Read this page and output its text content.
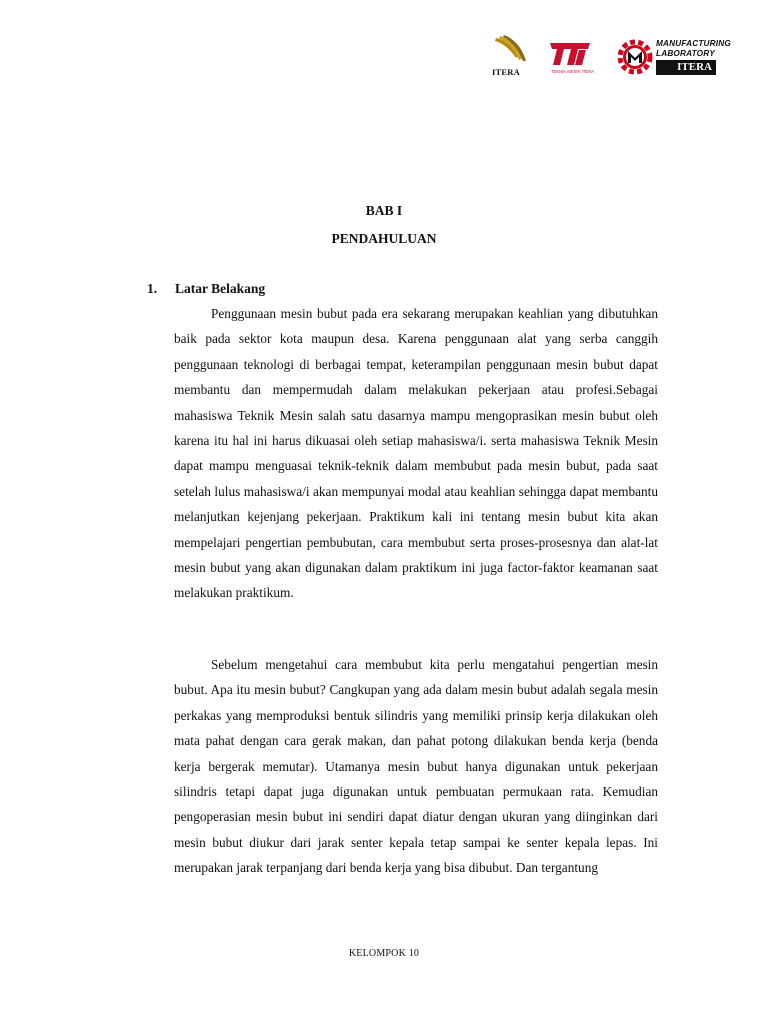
ITERA	TEKNIK MESIN ITERA
MANUFACTURING
LABORATORY
ITERA
BAB I
PENDAHULUAN
1. Latar Belakang

Penggunaan mesin bubut pada era sekarang merupakan keahlian yang dibutuhkan baik pada sektor kota maupun desa. Karena penggunaan alat yang serba canggih penggunaan teknologi di berbagai tempat, keterampilan penggunaan mesin bubut dapat membantu dan mempermudah dalam melakukan pekerjaan atau profesi.Sebagai mahasiswa Teknik Mesin salah satu dasarnya mampu mengoprasikan mesin bubut oleh karena itu hal ini harus dikuasai oleh setiap mahasiswa/i. serta mahasiswa Teknik Mesin dapat mampu menguasai teknik-teknik dalam membubut pada mesin bubut, pada saat setelah lulus mahasiswa/i akan mempunyai modal atau keahlian sehingga dapat membantu melanjutkan kejenjang pekerjaan. Praktikum kali ini tentang mesin bubut kita akan mempelajari pengertian pembubutan, cara membubut serta proses-prosesnya dan alat-lat mesin bubut yang akan digunakan dalam praktikum ini juga factor-faktor keamanan saat melakukan praktikum.

Sebelum mengetahui cara membubut kita perlu mengatahui pengertian mesin bubut. Apa itu mesin bubut? Cangkupan yang ada dalam mesin bubut adalah segala mesin perkakas yang memproduksi bentuk silindris yang memiliki prinsip kerja dilakukan oleh mata pahat dengan cara gerak makan, dan pahat potong dilakukan benda kerja (benda kerja bergerak memutar). Utamanya mesin bubut hanya digunakan untuk pekerjaan silindris tetapi dapat juga digunakan untuk pembuatan permukaan rata. Kemudian pengoperasian mesin bubut ini sendiri dapat diatur dengan ukuran yang diinginkan dari mesin bubut diukur dari jarak senter kepala tetap sampai ke senter kepala lepas. Ini merupakan jarak terpanjang dari benda kerja yang bisa dibubut. Dan tergantung

KELOMPOK 10
